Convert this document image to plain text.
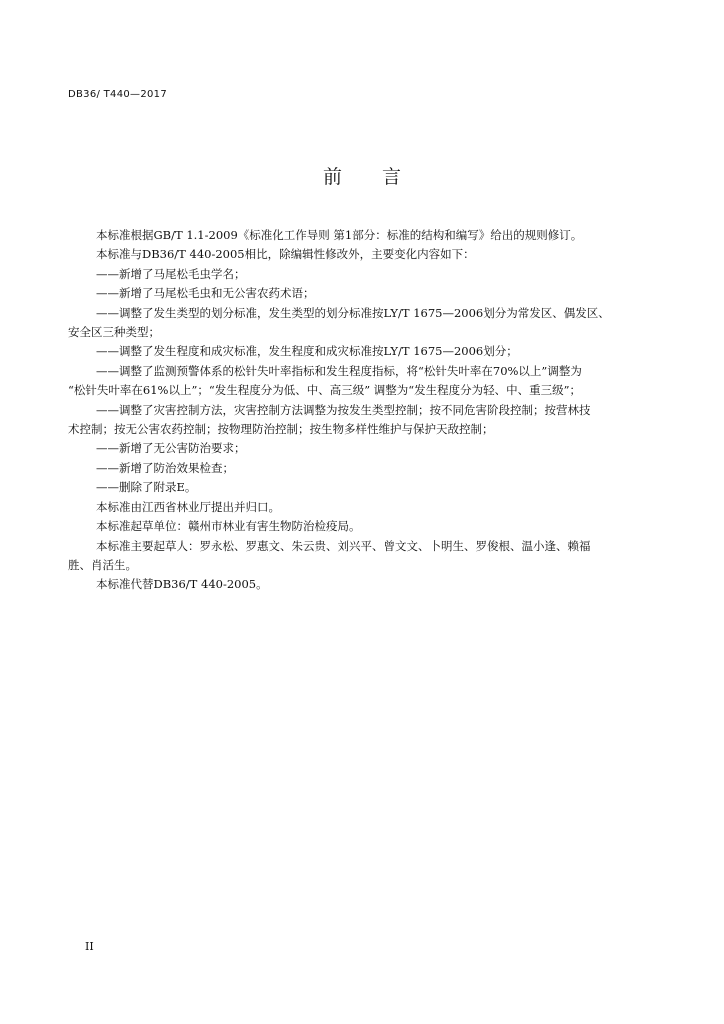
DB36/ T440—2017
前 言
本标准根据GB/T 1.1-2009《标准化工作导则 第1部分：标准的结构和编写》给出的规则修订。
本标准与DB36/T 440-2005相比，除编辑性修改外，主要变化内容如下：
——新增了马尾松毛虫学名；
——新增了马尾松毛虫和无公害农药术语；
——调整了发生类型的划分标准，发生类型的划分标准按LY/T 1675—2006划分为常发区、偶发区、
安全区三种类型；
——调整了发生程度和成灾标准，发生程度和成灾标准按LY/T 1675—2006划分；
——调整了监测预警体系的松针失叶率指标和发生程度指标，将“松针失叶率在70%以上”调整为
“松针失叶率在61%以上”；“发生程度分为低、中、高三级” 调整为“发生程度分为轻、中、重三级”；
——调整了灾害控制方法，灾害控制方法调整为按发生类型控制；按不同危害阶段控制；按营林技
术控制；按无公害农药控制；按物理防治控制；按生物多样性维护与保护天敌控制；
——新增了无公害防治要求；
——新增了防治效果检查；
——删除了附录E。
本标准由江西省林业厅提出并归口。
本标准起草单位：赣州市林业有害生物防治检疫局。
本标准主要起草人：罗永松、罗惠文、朱云贵、刘兴平、曾文文、卜明生、罗俊根、温小逢、赖福
胜、肖活生。
本标准代替DB36/T 440-2005。
II
